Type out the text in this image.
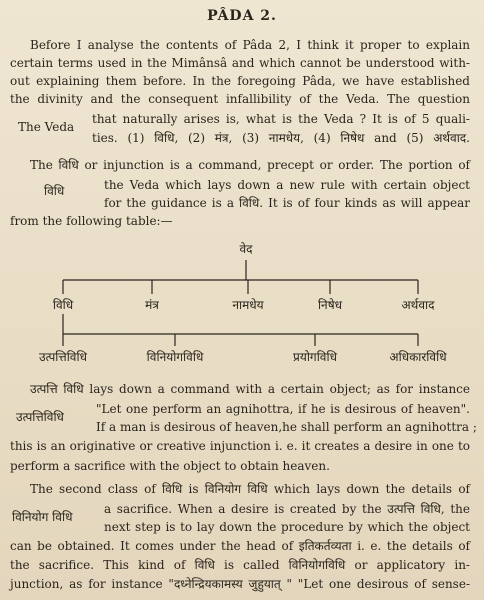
PÂDA 2.
Before I analyse the contents of Pâda 2, I think it proper to explain
certain terms used in the Mimânsâ and which cannot be understood with-
out explaining them before. In the foregoing Pâda, we have established
the divinity and the consequent infallibility of the Veda. The question
that naturally arises is, what is the Veda ? It is of 5 quali-
ties. (1) विधि, (2) मंत्र, (3) नामधेय, (4) निषेध and (5) अर्थवाद.
The Veda
The विधि or injunction is a command, precept or order. The portion of
the Veda which lays down a new rule with certain object
for the guidance is a विधि. It is of four kinds as will appear
from the following table:—
विधि
वेद
विधि	मंत्र	नामधेय	निषेध	अर्थवाद
उत्पत्तिविधि	विनियोगविधि	प्रयोगविधि	अधिकारविधि
उत्पत्ति विधि lays down a command with a certain object; as for instance
"Let one perform an agnihottra, if he is desirous of heaven".
If a man is desirous of heaven,he shall perform an agnihottra ;
this is an originative or creative injunction i. e. it creates a desire in one to
perform a sacrifice with the object to obtain heaven.
उत्पत्तिविधि
The second class of विधि is विनियोग विधि which lays down the details of
a sacrifice. When a desire is created by the उत्पत्ति विधि, the
next step is to lay down the procedure by which the object
can be obtained. It comes under the head of इतिकर्तव्यता i. e. the details of
the sacrifice. This kind of विधि is called विनियोगविधि or applicatory in-
junction, as for instance "दध्नेन्द्रियकामस्य जुहुयात् " "Let one desirous of sense-
विनियोग विधि
